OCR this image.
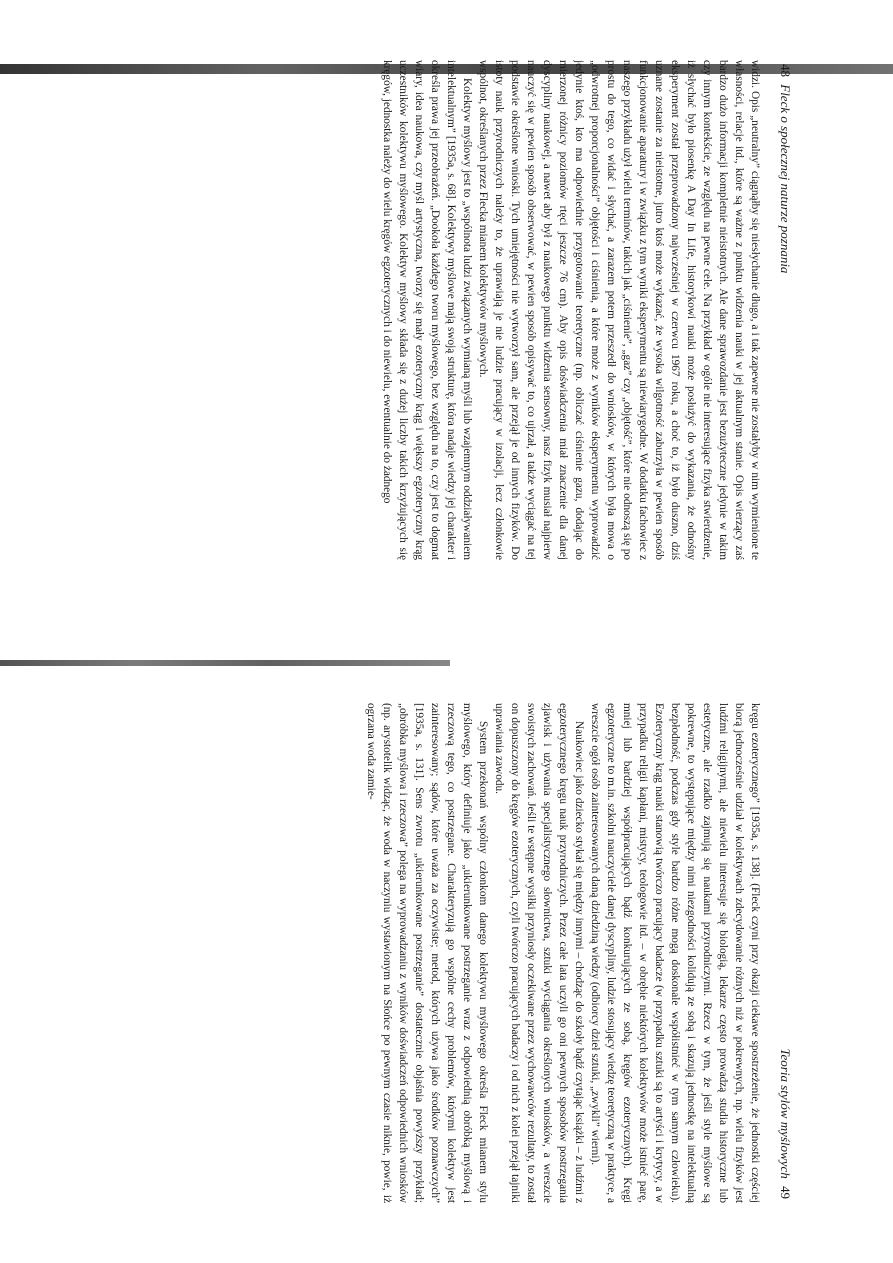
48 Fleck o społecznej naturze poznania
Teoria stylów myślowych 49

widzi. Opis „neutralny” ciągnąłby się niesłychanie długo, a i tak zapewne nie zostałyby w nim wymienione te własności, relacje itd., które są ważne z punktu widzenia nauki w jej aktualnym stanie. Opis wierzący zaś bardzo dużo informacji kompletnie nieistotnych. Ale dane sprawozdanie jest bezużyteczne jedynie w takim czy innym kontekście, ze względu na pewne cele. Na przykład w ogóle nie interesujące fizyka stwierdzenie, iż słychać było piosenkę A Day In Life, historykowi nauki może posłużyć do wykazania, że odnośny eksperyment został przeprowadzony najwcześniej w czerwcu 1967 roku, a choć to, iż było duszno, dziś uznane zostanie za nieistotne, jutro ktoś może wykazać, że wysoka wilgotność zaburzyła w pewien sposób funkcjonowanie aparatury i w związku z tym wyniki eksperymentu są niewiarygodne. W dodatku fachowiec z naszego przykładu użył wielu terminów, takich jak „ciśnienie”, „gaz” czy „objętość”, które nie odnoszą się po prostu do tego, co widać i słychać, a zarazem potem przeszedł do wniosków, w których była mowa o „odwrotnej proporcjonalności” objętości i ciśnienia, a które może z wyników eksperymentu wyprowadzić jedynie ktoś, kto ma odpowiednie przygotowanie teoretyczne (np. obliczać ciśnienie gazu, dodając do mierzonej różnicy poziomów rtęci jeszcze 76 cm). Aby opis doświadczenia miał znaczenie dla danej dyscypliny naukowej, a nawet aby był z naukowego punktu widzenia sensowny, nasz fizyk musiał najpierw nauczyć się w pewien sposób obserwować, w pewien sposób opisywać to, co ujrzał, a także wyciągać na tej podstawie określone wnioski. Tych umiejętności nie wytworzył sam, ale przejął je od innych fizyków. Do istoty nauk przyrodniczych należy to, że uprawiają je nie ludzie pracujący w izolacji, lecz członkowie wspólnot, określanych przez Flecka mianem kolektywów myślowych.

Kolektyw myślowy jest to „wspólnota ludzi związanych wymianą myśli lub wzajemnym oddziaływaniem intelektualnym” [1935a, s. 68]. Kolektywy myślowe mają swoją strukturę, która nadaje wiedzy jej charakter i określa prawa jej przeobrażeń. „Dookoła każdego tworu myślowego, bez względu na to, czy jest to dogmat wiary, idea naukowa, czy myśl artystyczna, tworzy się mały ezoteryczny krąg i większy egzoteryczny krąg uczestników kolektywu myślowego. Kolektyw myślowy składa się z dużej liczby takich krzyżujących się kręgów, jednostka należy do wielu kręgów egzoterycznych i do niewielu, ewentualnie do żadnego

kręgu ezoterycznego” [1935a, s. 138]. (Fleck czyni przy okazji ciekawe spostrzeżenie, że jednostki częściej biorą jednocześnie udział w kolektywach zdecydowanie różnych niż w pokrewnych, np. wielu fizyków jest ludźmi religijnymi, ale niewielu interesuje się biologią, lekarze często prowadzą studia historyczne lub estetyczne, ale rzadko zajmują się naukami przyrodniczymi. Rzecz w tym, że jeśli style myślowe są pokrewne, to występujące między nimi niezgodności kolidują ze sobą i skazują jednostkę na intelektualną bezpłodność, podczas gdy style bardzo różne mogą doskonale współistnieć w tym samym człowieku). Ezoteryczny krąg nauki stanowią twórczo pracujący badacze (w przypadku sztuki są to artyści i krytycy, a w przypadku religii kapłani, mistycy, teologowie itd. – w obrębie niektórych kolektywów może istnieć parę, mniej lub bardziej współpracujących bądź konkurujących ze sobą, kręgów ezoterycznych). Kręgi egzoteryczne to m.in. szkolni nauczyciele danej dyscypliny, ludzie stosujący wiedzę teoretyczną w praktyce, a wreszcie ogół osób zainteresowanych daną dziedziną wiedzy (odbiorcy dzieł sztuki, „zwykli” wierni).

Naukowiec jako dziecko stykał się między innymi – chodząc do szkoły bądź czytając książki – z ludźmi z egzoterycznego kręgu nauk przyrodniczych. Przez całe lata uczyli go oni pewnych sposobów postrzegania zjawisk i używania specjalistycznego słownictwa, sztuki wyciągania określonych wniosków, a wreszcie swoistych zachowań. Jeśli te wstępne wysiłki przyniosły oczekiwane przez wychowawców rezultaty, to został on dopuszczony do kręgów ezoterycznych, czyli twórczo pracujących badaczy i od nich z kolei przejął tajniki uprawiania zawodu.

System przekonań wspólny członkom danego kolektywu myślowego określa Fleck mianem stylu myślowego, który definiuje jako „ukierunkowane postrzeganie wraz z odpowiednią obróbką myślową i rzeczową tego, co postrzegane. Charakteryzują go wspólne cechy problemów, którymi kolektyw jest zainteresowany; sądów, które uważa za oczywiste; metod, których używa jako środków poznawczych” [1935a, s. 131]. Sens zwrotu „ukierunkowane postrzeganie” dostatecznie objaśnia powyższy przykład; „obróbka myślowa i rzeczowa” polega na wyprowadzaniu z wyników doświadczeń odpowiednich wniosków (np. arystotelik widząc, że woda w naczyniu wystawionym na Słońce po pewnym czasie niknie, powie, iż ogrzana woda zamie-
